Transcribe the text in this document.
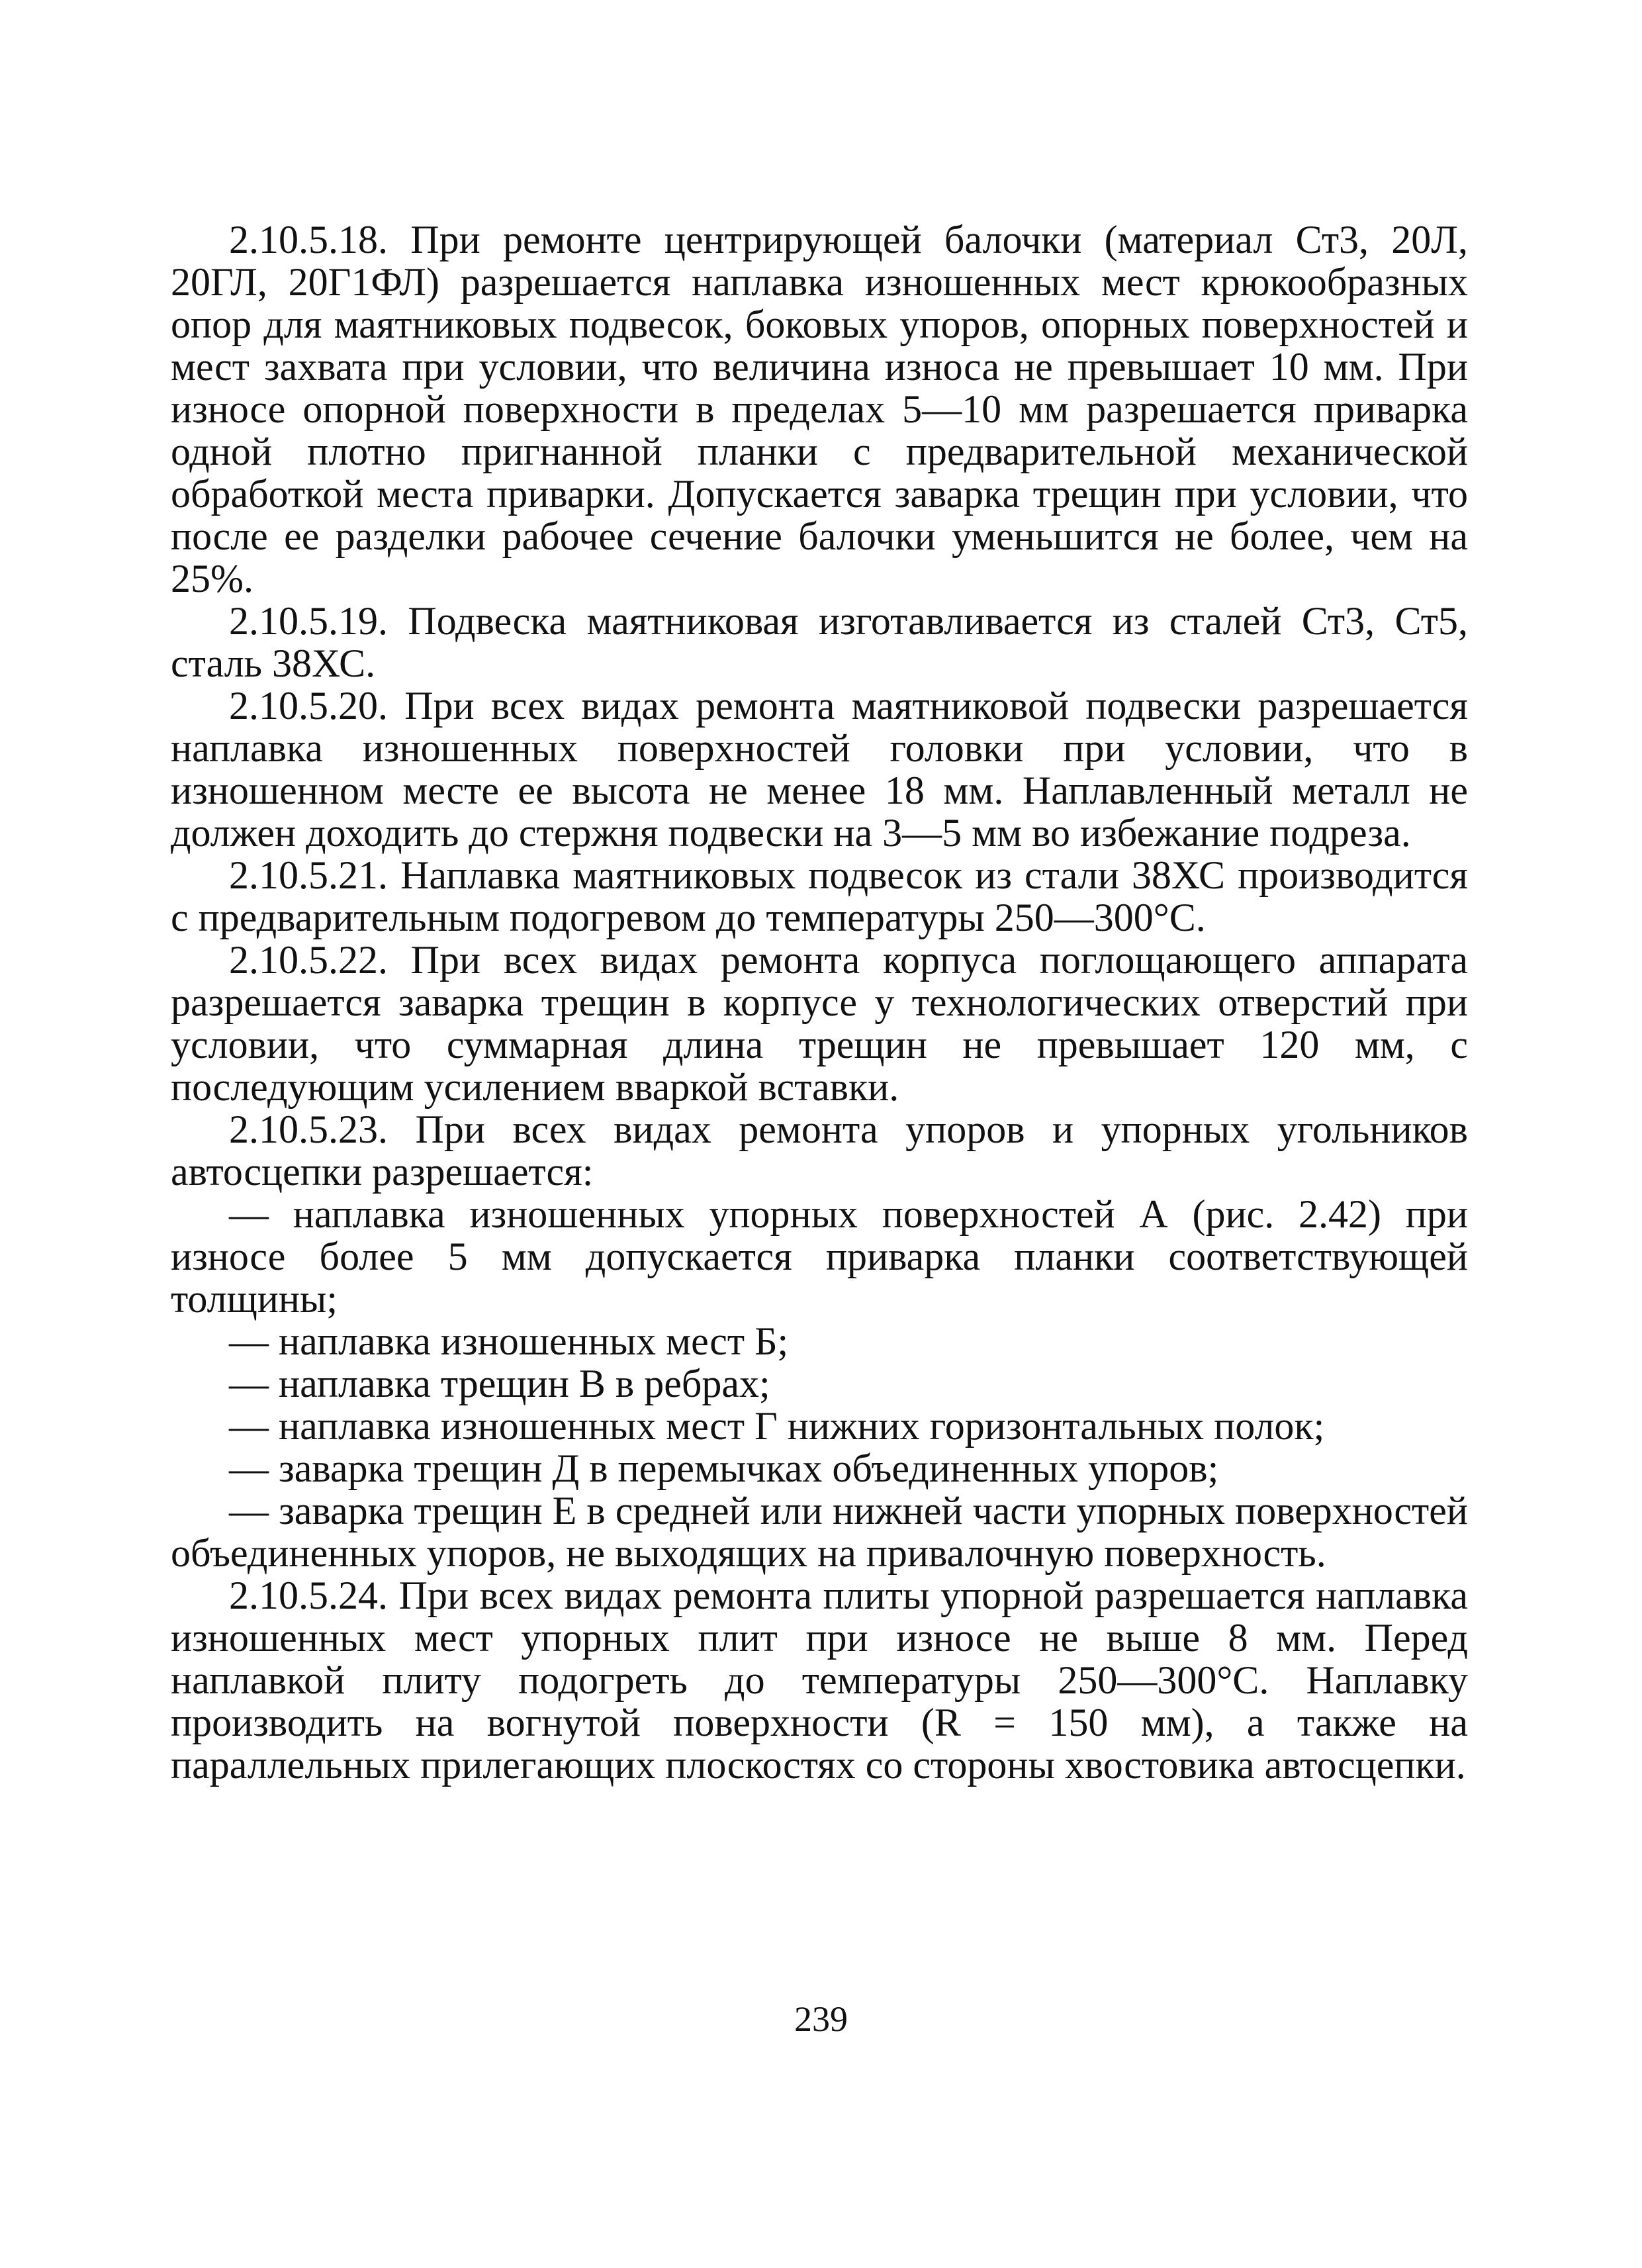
2.10.5.18. При ремонте центрирующей балочки (материал Ст3, 20Л, 20ГЛ, 20Г1ФЛ) разрешается наплавка изношенных мест крюкообразных опор для маятниковых подвесок, боковых упоров, опорных поверхностей и мест захвата при условии, что величина износа не превышает 10 мм. При износе опорной поверхности в пределах 5—10 мм разрешается приварка одной плотно пригнанной планки с предварительной механической обработкой места приварки. Допускается заварка трещин при условии, что после ее разделки рабочее сечение балочки уменьшится не более, чем на 25%.

2.10.5.19. Подвеска маятниковая изготавливается из сталей Ст3, Ст5, сталь 38ХС.

2.10.5.20. При всех видах ремонта маятниковой подвески разрешается наплавка изношенных поверхностей головки при условии, что в изношенном месте ее высота не менее 18 мм. Наплавленный металл не должен доходить до стержня подвески на 3—5 мм во избежание подреза.

2.10.5.21. Наплавка маятниковых подвесок из стали 38ХС производится с предварительным подогревом до температуры 250—300°С.

2.10.5.22. При всех видах ремонта корпуса поглощающего аппарата разрешается заварка трещин в корпусе у технологических отверстий при условии, что суммарная длина трещин не превышает 120 мм, с последующим усилением вваркой вставки.

2.10.5.23. При всех видах ремонта упоров и упорных угольников автосцепки разрешается:

— наплавка изношенных упорных поверхностей А (рис. 2.42) при износе более 5 мм допускается приварка планки соответствующей толщины;

— наплавка изношенных мест Б;

— наплавка трещин В в ребрах;

— наплавка изношенных мест Г нижних горизонтальных полок;

— заварка трещин Д в перемычках объединенных упоров;

— заварка трещин Е в средней или нижней части упорных поверхностей объединенных упоров, не выходящих на привалочную поверхность.

2.10.5.24. При всех видах ремонта плиты упорной разрешается наплавка изношенных мест упорных плит при износе не выше 8 мм. Перед наплавкой плиту подогреть до температуры 250—300°С. Наплавку производить на вогнутой поверхности (R = 150 мм), а также на параллельных прилегающих плоскостях со стороны хвостовика автосцепки.

239
